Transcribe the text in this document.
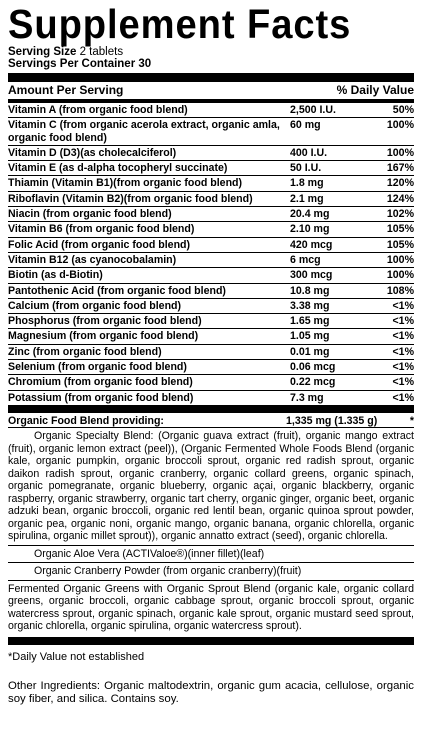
Supplement Facts
Serving Size 2 tablets
Servings Per Container 30
Amount Per Serving	% Daily Value
Vitamin A (from organic food blend)	2,500 I.U.	50%
Vitamin C (from organic acerola extract, organic amla, organic food blend)
60 mg	100%
Vitamin D (D3)(as cholecalciferol)	400 I.U.	100%
Vitamin E (as d-alpha tocopheryl succinate)	50 I.U.	167%
Thiamin (Vitamin B1)(from organic food blend)	1.8 mg	120%
Riboflavin (Vitamin B2)(from organic food blend)	2.1 mg	124%
Niacin (from organic food blend)	20.4 mg	102%
Vitamin B6 (from organic food blend)	2.10 mg	105%
Folic Acid (from organic food blend)	420 mcg	105%
Vitamin B12 (as cyanocobalamin)	6 mcg	100%
Biotin (as d-Biotin)	300 mcg	100%
Pantothenic Acid (from organic food blend)	10.8 mg	108%
Calcium (from organic food blend)	3.38 mg	<1%
Phosphorus (from organic food blend)	1.65 mg	<1%
Magnesium (from organic food blend)	1.05 mg	<1%
Zinc (from organic food blend)	0.01 mg	<1%
Selenium (from organic food blend)	0.06 mcg	<1%
Chromium (from organic food blend)	0.22 mcg	<1%
Potassium (from organic food blend)	7.3 mg	<1%
Organic Food Blend providing:	1,335 mg (1.335 g)	*
Organic Specialty Blend: (Organic guava extract (fruit), organic mango extract (fruit), organic lemon extract (peel)), (Organic Fermented Whole Foods Blend (organic kale, organic pumpkin, organic broccoli sprout, organic red radish sprout, organic daikon radish sprout, organic cranberry, organic collard greens, organic spinach, organic pomegranate, organic blueberry, organic açai, organic blackberry, organic raspberry, organic strawberry, organic tart cherry, organic ginger, organic beet, organic adzuki bean, organic broccoli, organic red lentil bean, organic quinoa sprout powder, organic pea, organic noni, organic mango, organic banana, organic chlorella, organic spirulina, organic millet sprout)), organic annatto extract (seed), organic chlorella.
Organic Aloe Vera (ACTIValoe®)(inner fillet)(leaf)
Organic Cranberry Powder (from organic cranberry)(fruit)
Fermented Organic Greens with Organic Sprout Blend (organic kale, organic collard greens, organic broccoli, organic cabbage sprout, organic broccoli sprout, organic watercress sprout, organic spinach, organic kale sprout, organic mustard seed sprout, organic chlorella, organic spirulina, organic watercress sprout).
*Daily Value not established
Other Ingredients: Organic maltodextrin, organic gum acacia, cellulose, organic soy fiber, and silica. Contains soy.
